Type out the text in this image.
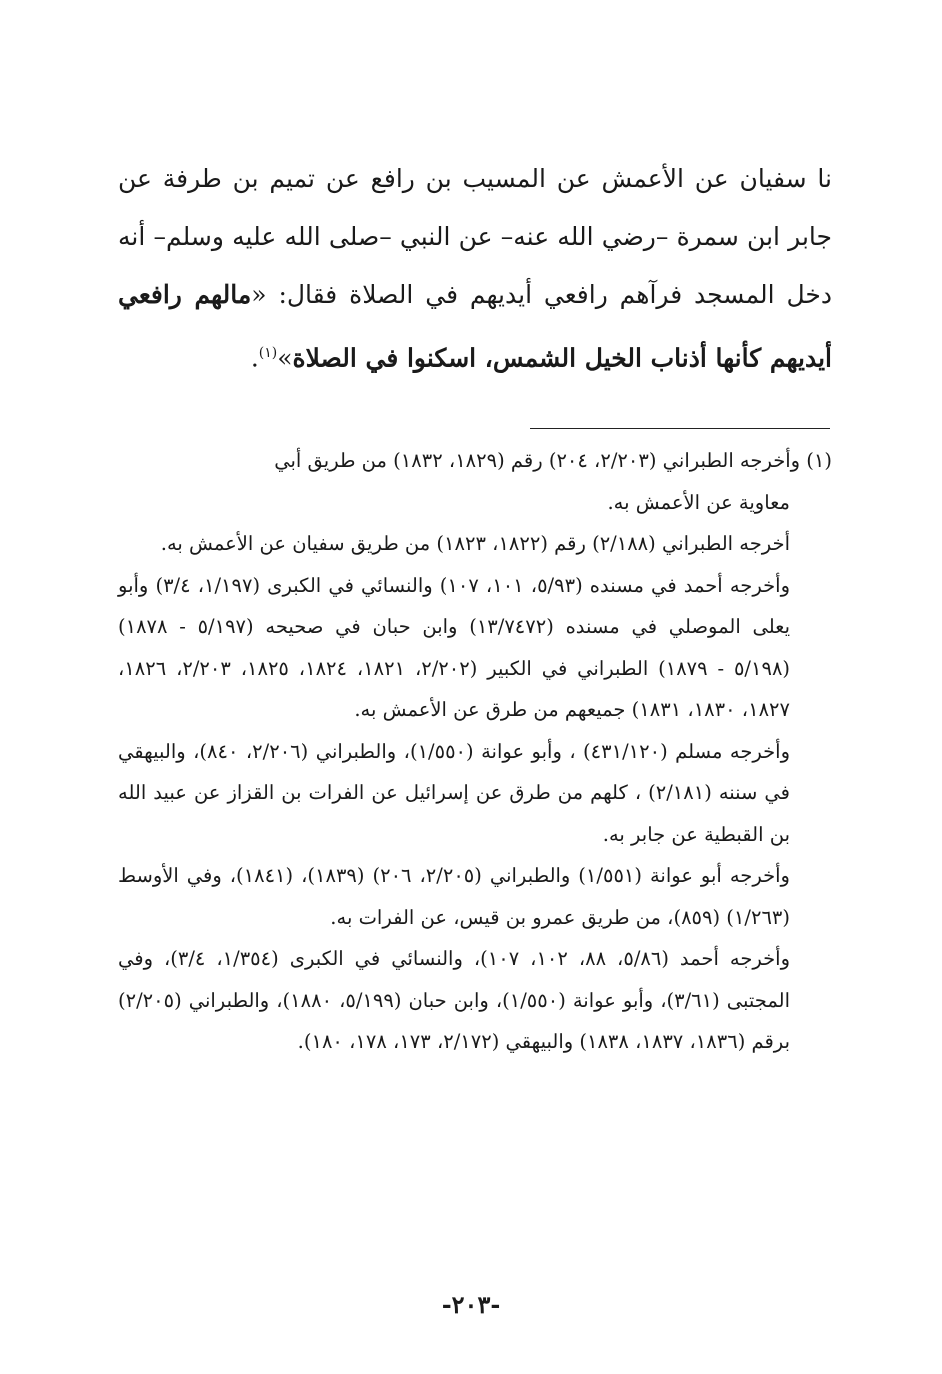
نا سفيان عن الأعمش عن المسيب بن رافع عن تميم بن طرفة عن جابر ابن سمرة –رضي الله عنه– عن النبي –صلى الله عليه وسلم– أنه دخل المسجد فرآهم رافعي أيديهم في الصلاة فقال: «مالهم رافعي أيديهم كأنها أذناب الخيل الشمس، اسكنوا في الصلاة»$^{(١)}$.

(١) وأخرجه الطبراني (٢/٢٠٣، ٢٠٤) رقم (١٨٢٩، ١٨٣٢) من طريق أبي
معاوية عن الأعمش به.

أخرجه الطبراني (٢/١٨٨) رقم (١٨٢٢، ١٨٢٣) من طريق سفيان عن الأعمش به.

وأخرجه أحمد في مسنده (٥/٩٣، ١٠١، ١٠٧) والنسائي في الكبرى (١/١٩٧، ٣/٤) وأبو يعلى الموصلي في مسنده (١٣/٧٤٧٢) وابن حبان في صحيحه (٥/١٩٧ - ١٨٧٨) (٥/١٩٨ - ١٨٧٩) الطبراني في الكبير (٢/٢٠٢، ١٨٢١، ١٨٢٤، ١٨٢٥، ٢/٢٠٣، ١٨٢٦، ١٨٢٧، ١٨٣٠، ١٨٣١) جميعهم من طرق عن الأعمش به.

وأخرجه مسلم (٤٣١/١٢٠) ، وأبو عوانة (١/٥٥٠)، والطبراني (٢/٢٠٦، ٨٤٠)، والبيهقي في سننه (٢/١٨١) ، كلهم من طرق عن إسرائيل عن الفرات بن القزاز عن عبيد الله بن القبطية عن جابر به.

وأخرجه أبو عوانة (١/٥٥١) والطبراني (٢/٢٠٥، ٢٠٦) (١٨٣٩)، (١٨٤١)، وفي الأوسط (١/٢٦٣) (٨٥٩)، من طريق عمرو بن قيس، عن الفرات به.

وأخرجه أحمد (٥/٨٦، ٨٨، ١٠٢، ١٠٧)، والنسائي في الكبرى (١/٣٥٤، ٣/٤)، وفي المجتبى (٣/٦١)، وأبو عوانة (١/٥٥٠)، وابن حبان (٥/١٩٩، ١٨٨٠)، والطبراني (٢/٢٠٥) برقم (١٨٣٦، ١٨٣٧، ١٨٣٨) والبيهقي (٢/١٧٢، ١٧٣، ١٧٨، ١٨٠).

-٢٠٣-
